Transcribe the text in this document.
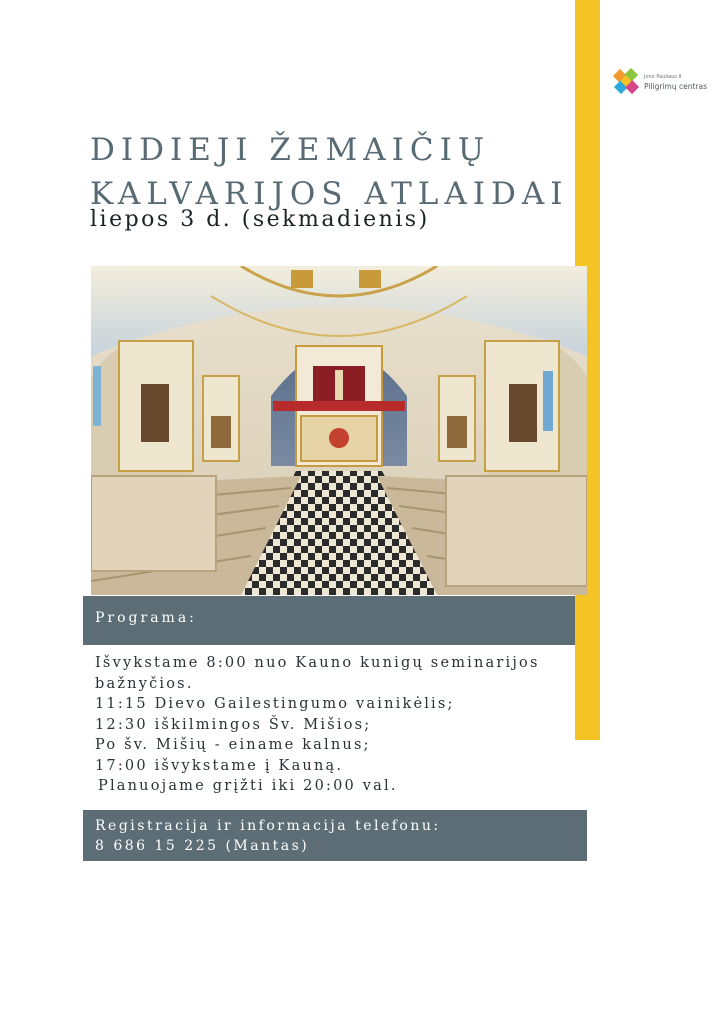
Jono Pauliaus II
Piligrimų centras
DIDIEJI ŽEMAIČIŲ
KALVARIJOS ATLAIDAI
liepos 3 d. (sekmadienis)
Programa:
Išvykstame 8:00 nuo Kauno kunigų seminarijos
bažnyčios.
11:15 Dievo Gailestingumo vainikėlis;
12:30 iškilmingos Šv. Mišios;
Po šv. Mišių - einame kalnus;
17:00 išvykstame į Kauną.
Planuojame grįžti iki 20:00 val.
Registracija ir informacija telefonu:
8 686 15 225 (Mantas)
